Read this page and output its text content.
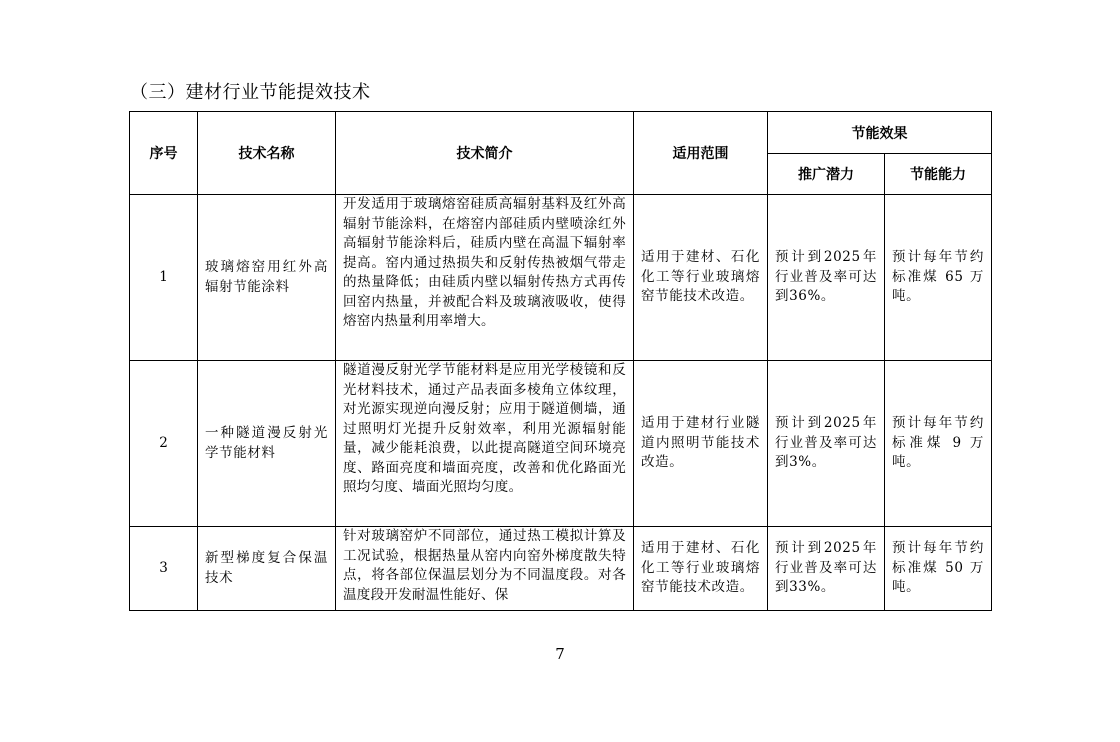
（三）建材行业节能提效技术
序号	技术名称	技术简介	适用范围	节能效果	
				推广潜力	节能能力
1	玻璃熔窑用红外高辐射节能涂料	开发适用于玻璃熔窑硅质高辐射基料及红外高辐射节能涂料，在熔窑内部硅质内壁喷涂红外高辐射节能涂料后，硅质内壁在高温下辐射率提高。窑内通过热损失和反射传热被烟气带走的热量降低；由硅质内壁以辐射传热方式再传回窑内热量，并被配合料及玻璃液吸收，使得熔窑内热量利用率增大。	适用于建材、石化化工等行业玻璃熔窑节能技术改造。	预计到2025年行业普及率可达到36%。	预计每年节约标准煤 65 万吨。
2	一种隧道漫反射光学节能材料	隧道漫反射光学节能材料是应用光学棱镜和反光材料技术，通过产品表面多棱角立体纹理，对光源实现逆向漫反射；应用于隧道侧墙，通过照明灯光提升反射效率，利用光源辐射能量，减少能耗浪费，以此提高隧道空间环境亮度、路面亮度和墙面亮度，改善和优化路面光照均匀度、墙面光照均匀度。	适用于建材行业隧道内照明节能技术改造。	预计到2025年行业普及率可达到3%。	预计每年节约标准煤 9 万吨。
3	新型梯度复合保温技术	针对玻璃窑炉不同部位，通过热工模拟计算及工况试验，根据热量从窑内向窑外梯度散失特点，将各部位保温层划分为不同温度段。对各温度段开发耐温性能好、保	适用于建材、石化化工等行业玻璃熔窑节能技术改造。	预计到2025年行业普及率可达到33%。	预计每年节约标准煤 50 万吨。
7
